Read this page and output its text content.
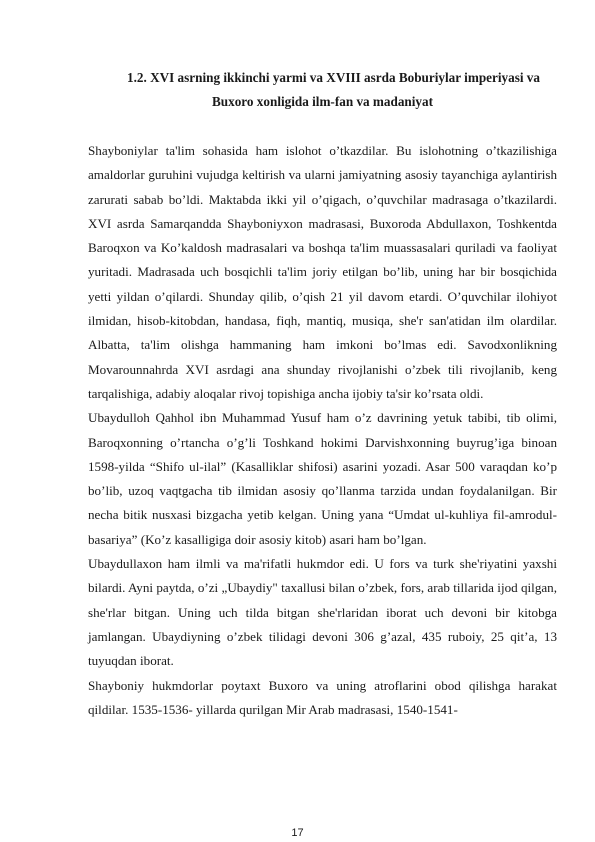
1.2. XVI asrning ikkinchi yarmi va XVIII asrda Boburiylar imperiyasi va
Buxoro xonligida ilm-fan va madaniyat

Shayboniylar ta'lim sohasida ham islohot o’tkazdilar. Bu islohotning o’tkazilishiga amaldorlar guruhini vujudga keltirish va ularni jamiyatning asosiy tayanchiga aylantirish zarurati sabab bo’ldi. Maktabda ikki yil o’qigach, o’quvchilar madrasaga o’tkazilardi. XVI asrda Samarqandda Shayboniyxon madrasasi, Buxoroda Abdullaxon, Toshkentda Baroqxon va Ko’kaldosh madrasalari va boshqa ta'lim muassasalari quriladi va faoliyat yuritadi. Madrasada uch bosqichli ta'lim joriy etilgan bo’lib, uning har bir bosqichida yetti yildan o’qilardi. Shunday qilib, o’qish 21 yil davom etardi. O’quvchilar ilohiyot ilmidan, hisob-kitobdan, handasa, fiqh, mantiq, musiqa, she'r san'atidan ilm olardilar. Albatta, ta'lim olishga hammaning ham imkoni bo’lmas edi. Savodxonlikning Movarounnahrda XVI asrdagi ana shunday rivojlanishi o’zbek tili rivojlanib, keng tarqalishiga, adabiy aloqalar rivoj topishiga ancha ijobiy ta'sir ko’rsata oldi.

Ubaydulloh Qahhol ibn Muhammad Yusuf ham o’z davrining yetuk tabibi, tib olimi, Baroqxonning o’rtancha o’g’li Toshkand hokimi Darvishxonning buyrug’iga binoan 1598-yilda “Shifo ul-ilal” (Kasalliklar shifosi) asarini yozadi. Asar 500 varaqdan ko’p bo’lib, uzoq vaqtgacha tib ilmidan asosiy qo’llanma tarzida undan foydalanilgan. Bir necha bitik nusxasi bizgacha yetib kelgan. Uning yana “Umdat ul-kuhliya fil-amrodul-basariya” (Ko’z kasalligiga doir asosiy kitob) asari ham bo’lgan.

Ubaydullaxon ham ilmli va ma'rifatli hukmdor edi. U fors va turk she'riyatini yaxshi bilardi. Ayni paytda, o’zi „Ubaydiy" taxallusi bilan o’zbek, fors, arab tillarida ijod qilgan, she'rlar bitgan. Uning uch tilda bitgan she'rlaridan iborat uch devoni bir kitobga jamlangan. Ubaydiyning o’zbek tilidagi devoni 306 g’azal, 435 ruboiy, 25 qit’a, 13 tuyuqdan iborat.

Shayboniy hukmdorlar poytaxt Buxoro va uning atroflarini obod qilishga harakat qildilar. 1535-1536- yillarda qurilgan Mir Arab madrasasi, 1540-1541-

17
